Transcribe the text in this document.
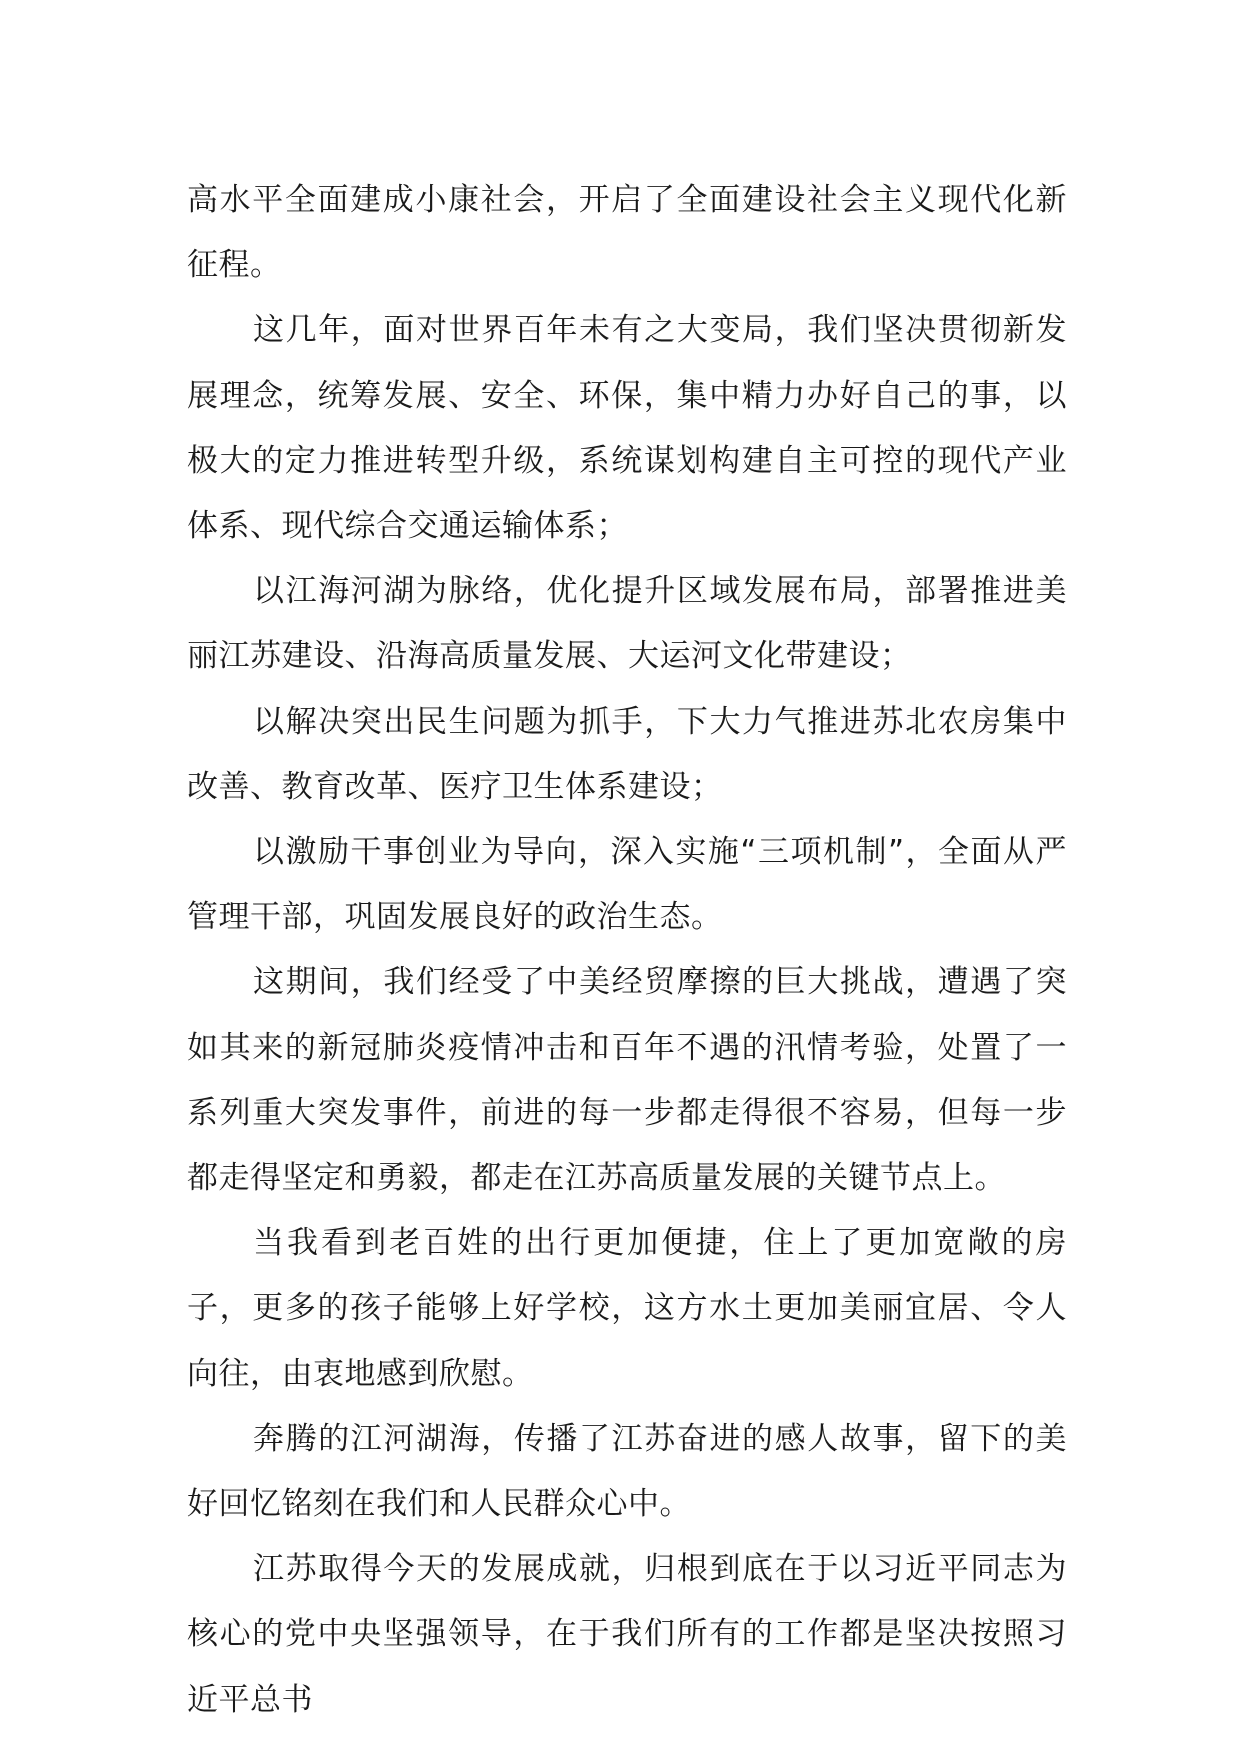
高水平全面建成小康社会，开启了全面建设社会主义现代化新征程。

这几年，面对世界百年未有之大变局，我们坚决贯彻新发展理念，统筹发展、安全、环保，集中精力办好自己的事，以极大的定力推进转型升级，系统谋划构建自主可控的现代产业体系、现代综合交通运输体系；

以江海河湖为脉络，优化提升区域发展布局，部署推进美丽江苏建设、沿海高质量发展、大运河文化带建设；

以解决突出民生问题为抓手，下大力气推进苏北农房集中改善、教育改革、医疗卫生体系建设；

以激励干事创业为导向，深入实施“三项机制”，全面从严管理干部，巩固发展良好的政治生态。

这期间，我们经受了中美经贸摩擦的巨大挑战，遭遇了突如其来的新冠肺炎疫情冲击和百年不遇的汛情考验，处置了一系列重大突发事件，前进的每一步都走得很不容易，但每一步都走得坚定和勇毅，都走在江苏高质量发展的关键节点上。

当我看到老百姓的出行更加便捷，住上了更加宽敞的房子，更多的孩子能够上好学校，这方水土更加美丽宜居、令人向往，由衷地感到欣慰。

奔腾的江河湖海，传播了江苏奋进的感人故事，留下的美好回忆铭刻在我们和人民群众心中。

江苏取得今天的发展成就，归根到底在于以习近平同志为核心的党中央坚强领导，在于我们所有的工作都是坚决按照习近平总书
